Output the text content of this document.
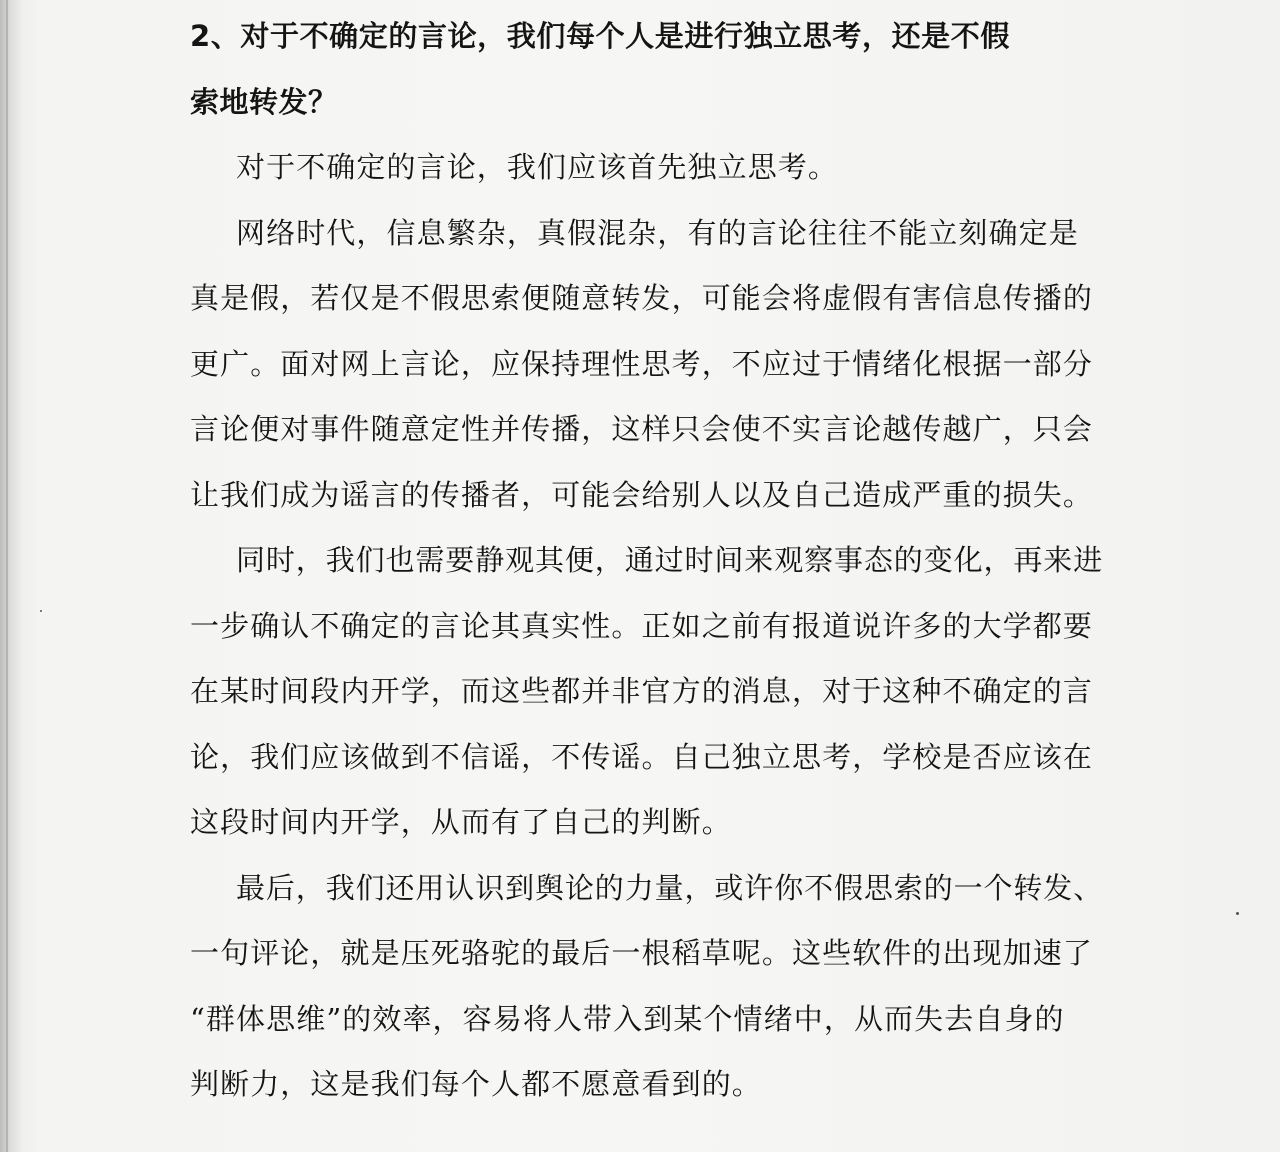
2、对于不确定的言论，我们每个人是进行独立思考，还是不假
索地转发？
对于不确定的言论，我们应该首先独立思考。
网络时代，信息繁杂，真假混杂，有的言论往往不能立刻确定是
真是假，若仅是不假思索便随意转发，可能会将虚假有害信息传播的
更广。面对网上言论，应保持理性思考，不应过于情绪化根据一部分
言论便对事件随意定性并传播，这样只会使不实言论越传越广，只会
让我们成为谣言的传播者，可能会给别人以及自己造成严重的损失。
同时，我们也需要静观其便，通过时间来观察事态的变化，再来进
一步确认不确定的言论其真实性。正如之前有报道说许多的大学都要
在某时间段内开学，而这些都并非官方的消息，对于这种不确定的言
论，我们应该做到不信谣，不传谣。自己独立思考，学校是否应该在
这段时间内开学，从而有了自己的判断。
最后，我们还用认识到舆论的力量，或许你不假思索的一个转发、
一句评论，就是压死骆驼的最后一根稻草呢。这些软件的出现加速了
“群体思维”的效率，容易将人带入到某个情绪中，从而失去自身的
判断力，这是我们每个人都不愿意看到的。
